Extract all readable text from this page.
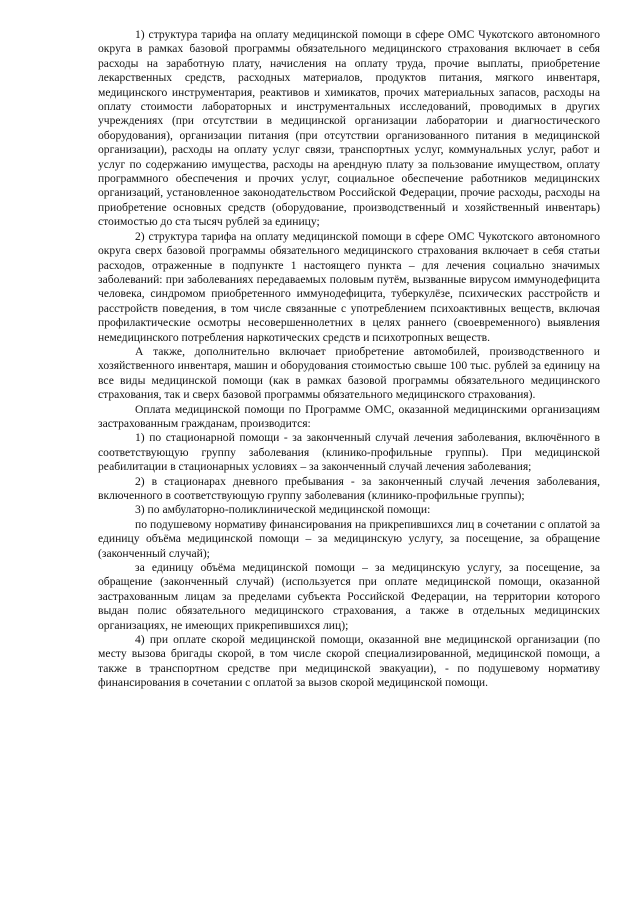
1) структура тарифа на оплату медицинской помощи в сфере ОМС Чукотского автономного округа в рамках базовой программы обязательного медицинского страхования включает в себя расходы на заработную плату, начисления на оплату труда, прочие выплаты, приобретение лекарственных средств, расходных материалов, продуктов питания, мягкого инвентаря, медицинского инструментария, реактивов и химикатов, прочих материальных запасов, расходы на оплату стоимости лабораторных и инструментальных исследований, проводимых в других учреждениях (при отсутствии в медицинской организации лаборатории и диагностического оборудования), организации питания (при отсутствии организованного питания в медицинской организации), расходы на оплату услуг связи, транспортных услуг, коммунальных услуг, работ и услуг по содержанию имущества, расходы на арендную плату за пользование имуществом, оплату программного обеспечения и прочих услуг, социальное обеспечение работников медицинских организаций, установленное законодательством Российской Федерации, прочие расходы, расходы на приобретение основных средств (оборудование, производственный и хозяйственный инвентарь) стоимостью до ста тысяч рублей за единицу;

2) структура тарифа на оплату медицинской помощи в сфере ОМС Чукотского автономного округа сверх базовой программы обязательного медицинского страхования включает в себя статьи расходов, отраженные в подпункте 1 настоящего пункта – для лечения социально значимых заболеваний: при заболеваниях передаваемых половым путём, вызванные вирусом иммунодефицита человека, синдромом приобретенного иммунодефицита, туберкулёзе, психических расстройств и расстройств поведения, в том числе связанные с употреблением психоактивных веществ, включая профилактические осмотры несовершеннолетних в целях раннего (своевременного) выявления немедицинского потребления наркотических средств и психотропных веществ.

А также, дополнительно включает приобретение автомобилей, производственного и хозяйственного инвентаря, машин и оборудования стоимостью свыше 100 тыс. рублей за единицу на все виды медицинской помощи (как в рамках базовой программы обязательного медицинского страхования, так и сверх базовой программы обязательного медицинского страхования).

Оплата медицинской помощи по Программе ОМС, оказанной медицинскими организациям застрахованным гражданам, производится:

1) по стационарной помощи - за законченный случай лечения заболевания, включённого в соответствующую группу заболевания (клинико-профильные группы). При медицинской реабилитации в стационарных условиях – за законченный случай лечения заболевания;

2) в стационарах дневного пребывания - за законченный случай лечения заболевания, включенного в соответствующую группу заболевания (клинико-профильные группы);

3) по амбулаторно-поликлинической медицинской помощи:

по подушевому нормативу финансирования на прикрепившихся лиц в сочетании с оплатой за единицу объёма медицинской помощи – за медицинскую услугу, за посещение, за обращение (законченный случай);

за единицу объёма медицинской помощи – за медицинскую услугу, за посещение, за обращение (законченный случай) (используется при оплате медицинской помощи, оказанной застрахованным лицам за пределами субъекта Российской Федерации, на территории которого выдан полис обязательного медицинского страхования, а также в отдельных медицинских организациях, не имеющих прикрепившихся лиц);

4) при оплате скорой медицинской помощи, оказанной вне медицинской организации (по месту вызова бригады скорой, в том числе скорой специализированной, медицинской помощи, а также в транспортном средстве при медицинской эвакуации), - по подушевому нормативу финансирования в сочетании с оплатой за вызов скорой медицинской помощи.
